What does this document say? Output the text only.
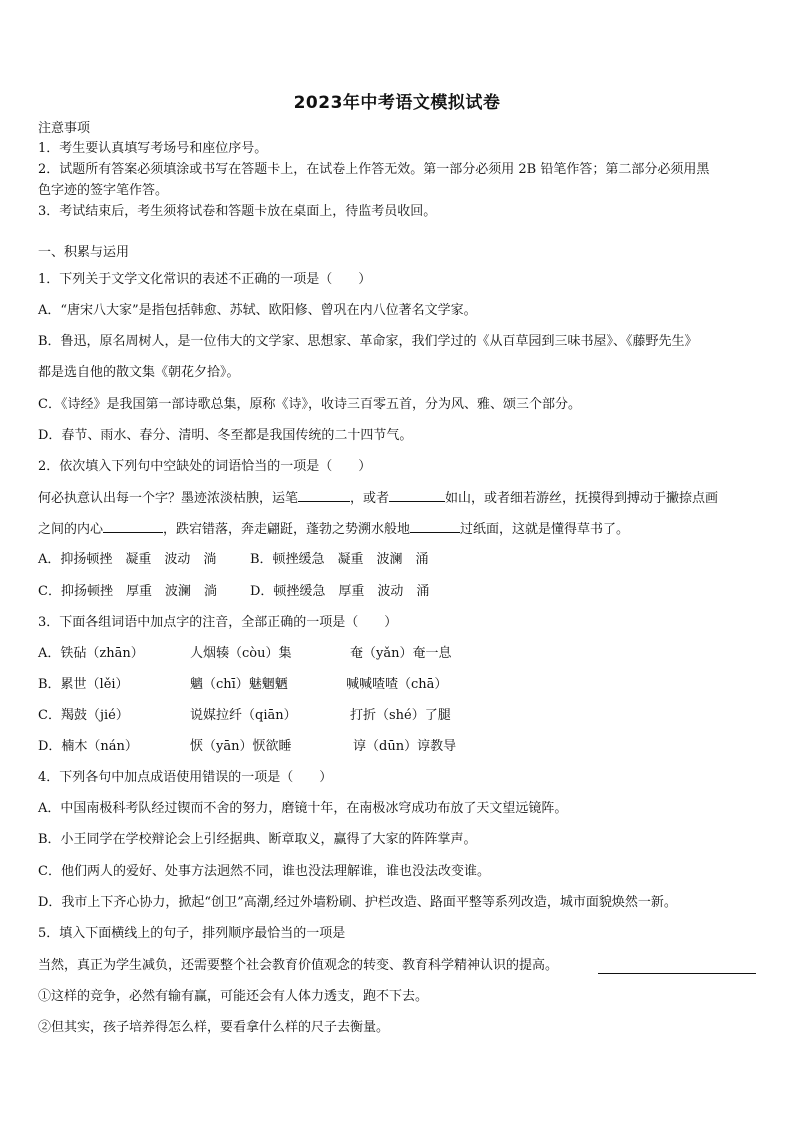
2023年中考语文模拟试卷
注意事项
1．考生要认真填写考场号和座位序号。
2．试题所有答案必须填涂或书写在答题卡上，在试卷上作答无效。第一部分必须用 2B 铅笔作答；第二部分必须用黑
色字迹的签字笔作答。
3．考试结束后，考生须将试卷和答题卡放在桌面上，待监考员收回。
一、积累与运用
1．下列关于文学文化常识的表述不正确的一项是（　　）
A．“唐宋八大家”是指包括韩愈、苏轼、欧阳修、曾巩在内八位著名文学家。
B．鲁迅，原名周树人，是一位伟大的文学家、思想家、革命家，我们学过的《从百草园到三味书屋》、《藤野先生》
都是选自他的散文集《朝花夕拾》。
C．《诗经》是我国第一部诗歌总集，原称《诗》，收诗三百零五首，分为风、雅、颂三个部分。
D．春节、雨水、春分、清明、冬至都是我国传统的二十四节气。
2．依次填入下列句中空缺处的词语恰当的一项是（　　）
何必执意认出每一个字？墨迹浓淡枯腴，运笔	，或者	如山，或者细若游丝，抚摸得到搏动于撇捺点画
之间的内心	，跌宕错落，奔走翩跹，蓬勃之势溯水般地	过纸面，这就是懂得草书了。
A．抑扬顿挫　凝重　波动　淌	B．顿挫缓急　凝重　波澜　涌
C．抑扬顿挫　厚重　波澜　淌	D．顿挫缓急　厚重　波动　涌
3．下面各组词语中加点字的注音，全部正确的一项是（　　）
A．铁砧（zhān）	人烟辏（còu）集	奄（yǎn）奄一息
B．累世（lěi）	魑（chī）魅魍魉	喊喊喳喳（chā）
C．羯鼓（jié）	说媒拉纤（qiān）	打折（shé）了腿
D．楠木（nán）	恹（yān）恹欲睡	谆（dūn）谆教导
4．下列各句中加点成语使用错误的一项是（　　）
A．中国南极科考队经过锲而不舍的努力，磨镜十年，在南极冰穹成功布放了天文望远镜阵。
B．小王同学在学校辩论会上引经据典、断章取义，赢得了大家的阵阵掌声。
C．他们两人的爱好、处事方法迥然不同，谁也没法理解谁，谁也没法改变谁。
D．我市上下齐心协力，掀起“创卫”高潮,经过外墙粉刷、护栏改造、路面平整等系列改造，城市面貌焕然一新。
5．填入下面横线上的句子，排列顺序最恰当的一项是
当然，真正为学生减负，还需要整个社会教育价值观念的转变、教育科学精神认识的提高。
①这样的竞争，必然有输有赢，可能还会有人体力透支，跑不下去。
②但其实，孩子培养得怎么样，要看拿什么样的尺子去衡量。
